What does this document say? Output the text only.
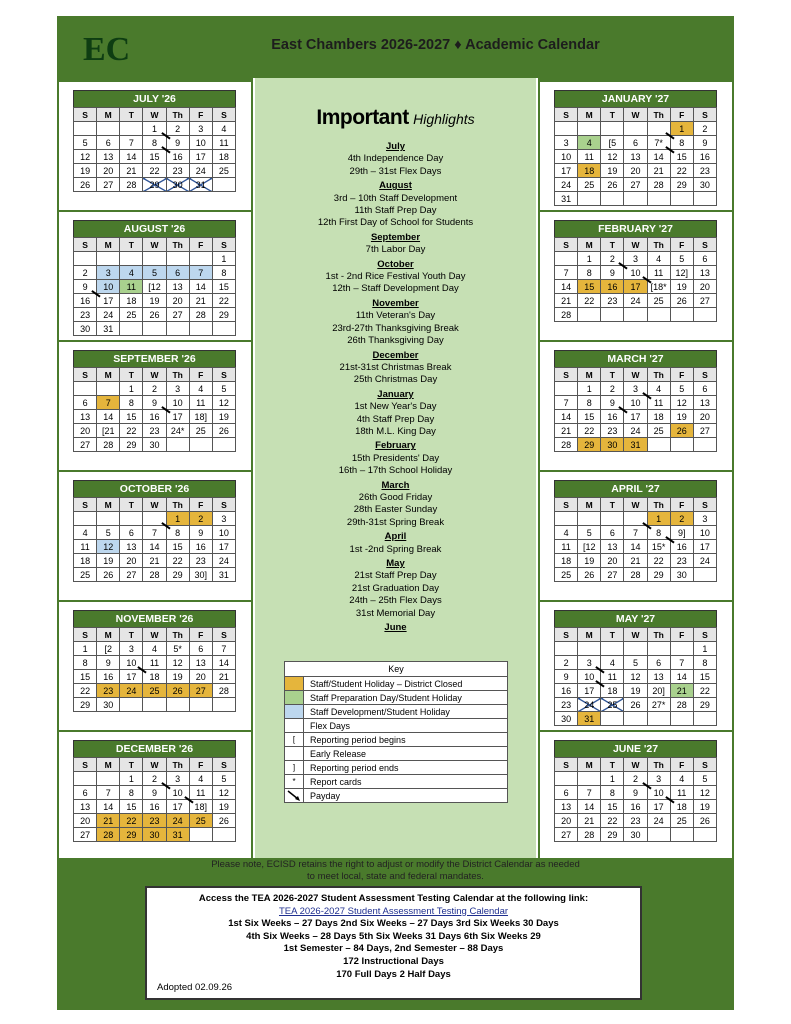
EC	East Chambers 2026-2027 ♦ Academic Calendar
JULY '26
S	M	T	W	Th	F	S
			1	2	3	4
5	6	7	8	9	10	11
12	13	14	15	16	17	18
19	20	21	22	23	24	25
26	27	28	29	30	31	
AUGUST '26
S	M	T	W	Th	F	S
						1
2	3	4	5	6	7	8
9	10	11	[12	13	14	15
16	17	18	19	20	21	22
23	24	25	26	27	28	29
30	31					
SEPTEMBER '26
S	M	T	W	Th	F	S
		1	2	3	4	5
6	7	8	9	10	11	12
13	14	15	16	17	18]	19
20	[21	22	23	24*	25	26
27	28	29	30			
OCTOBER '26
S	M	T	W	Th	F	S
				1	2	3
4	5	6	7	8	9	10
11	12	13	14	15	16	17
18	19	20	21	22	23	24
25	26	27	28	29	30]	31
NOVEMBER '26
S	M	T	W	Th	F	S
1	[2	3	4	5*	6	7
8	9	10	11	12	13	14
15	16	17	18	19	20	21
22	23	24	25	26	27	28
29	30					
DECEMBER '26
S	M	T	W	Th	F	S
		1	2	3	4	5
6	7	8	9	10	11	12
13	14	15	16	17	18]	19
20	21	22	23	24	25	26
27	28	29	30	31		
JANUARY '27
S	M	T	W	Th	F	S
					1	2
3	4	[5	6	7*	8	9
10	11	12	13	14	15	16
17	18	19	20	21	22	23
24	25	26	27	28	29	30
31						
FEBRUARY '27
S	M	T	W	Th	F	S
	1	2	3	4	5	6
7	8	9	10	11	12]	13
14	15	16	17	[18*	19	20
21	22	23	24	25	26	27
28						
MARCH '27
S	M	T	W	Th	F	S
	1	2	3	4	5	6
7	8	9	10	11	12	13
14	15	16	17	18	19	20
21	22	23	24	25	26	27
28	29	30	31			
APRIL '27
S	M	T	W	Th	F	S
				1	2	3
4	5	6	7	8	9]	10
11	[12	13	14	15*	16	17
18	19	20	21	22	23	24
25	26	27	28	29	30	
MAY '27
S	M	T	W	Th	F	S
						1
2	3	4	5	6	7	8
9	10	11	12	13	14	15
16	17	18	19	20]	21	22
23	24	25	26	27*	28	29
30	31					
JUNE '27
S	M	T	W	Th	F	S
		1	2	3	4	5
6	7	8	9	10	11	12
13	14	15	16	17	18	19
20	21	22	23	24	25	26
27	28	29	30			
Important Highlights
July
4th Independence Day
29th – 31st Flex Days
August
3rd – 10th Staff Development
11th Staff Prep Day
12th First Day of School for Students
September
7th Labor Day
October
1st - 2nd Rice Festival Youth Day
12th – Staff Development Day
November
11th Veteran's Day
23rd-27th Thanksgiving Break
26th Thanksgiving Day
December
21st-31st Christmas Break
25th Christmas Day
January
1st New Year's Day
4th Staff Prep Day
18th M.L. King Day
February
15th Presidents' Day
16th – 17th School Holiday
March
26th Good Friday
28th Easter Sunday
29th-31st Spring Break
April
1st -2nd Spring Break
May
21st Staff Prep Day
21st Graduation Day
24th – 25th Flex Days
31st Memorial Day
June
Key
Staff/Student Holiday – District Closed
Staff Preparation Day/Student Holiday
Staff Development/Student Holiday
Flex Days
[	Reporting period begins
Early Release
]	Reporting period ends
*	Report cards
Payday
Please note, ECISD retains the right to adjust or modify the District Calendar as needed
to meet local, state and federal mandates.
Access the TEA 2026-2027 Student Assessment Testing Calendar at the following link:
TEA 2026-2027 Student Assessment Testing Calendar
1st Six Weeks – 27 Days 2nd Six Weeks – 27 Days 3rd Six Weeks 30 Days
4th Six Weeks – 28 Days 5th Six Weeks 31 Days 6th Six Weeks 29
1st Semester – 84 Days, 2nd Semester – 88 Days
172 Instructional Days
170 Full Days 2 Half Days
Adopted 02.09.26
